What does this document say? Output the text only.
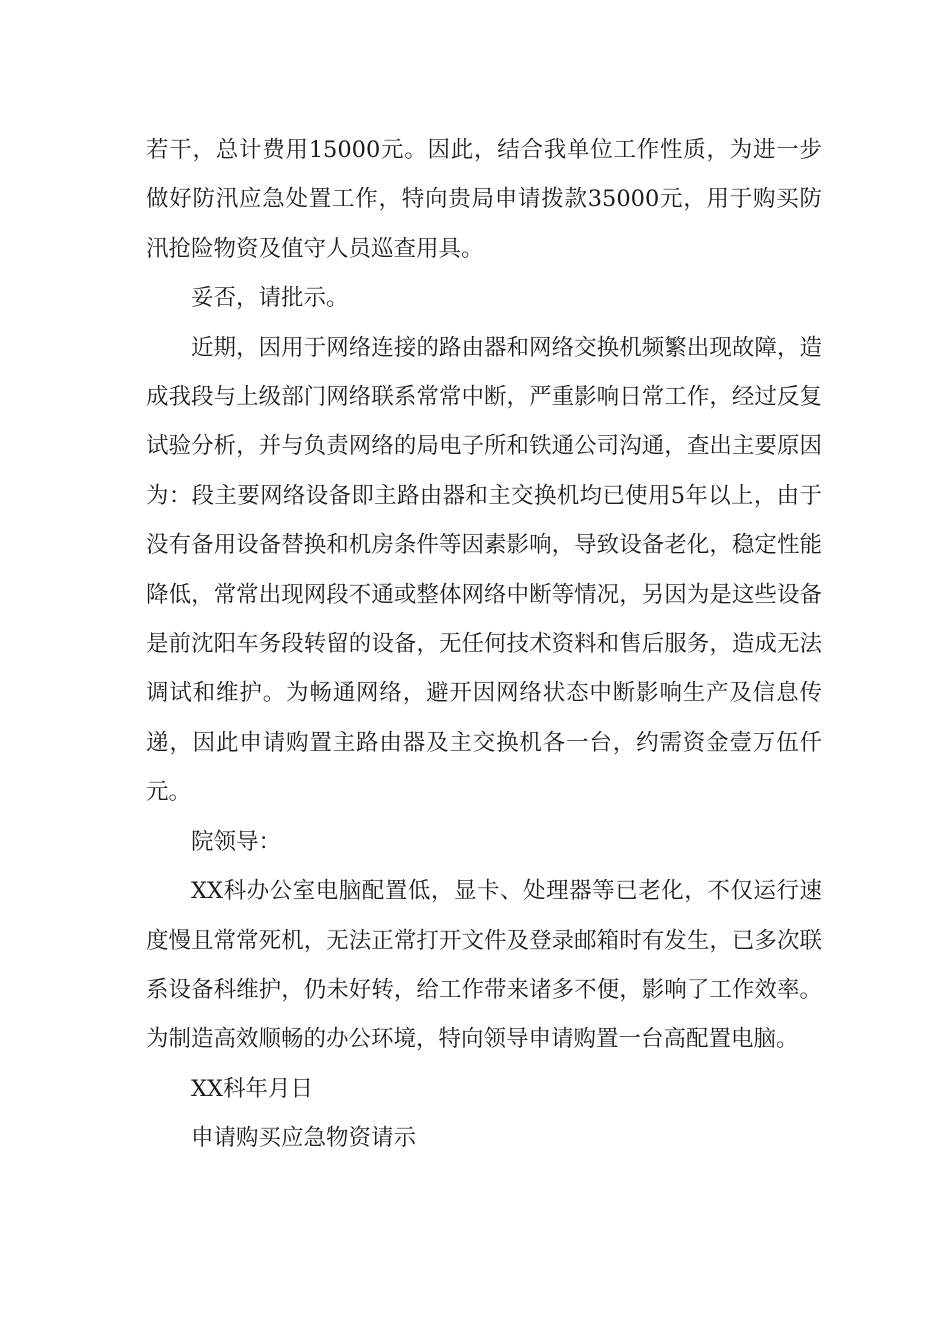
若干，总计费用15000元。因此，结合我单位工作性质，为进一步做好防汛应急处置工作，特向贵局申请拨款35000元，用于购买防汛抢险物资及值守人员巡查用具。

妥否，请批示。

近期，因用于网络连接的路由器和网络交换机频繁出现故障，造成我段与上级部门网络联系常常中断，严重影响日常工作，经过反复试验分析，并与负责网络的局电子所和铁通公司沟通，查出主要原因为：段主要网络设备即主路由器和主交换机均已使用5年以上，由于没有备用设备替换和机房条件等因素影响，导致设备老化，稳定性能降低，常常出现网段不通或整体网络中断等情况，另因为是这些设备是前沈阳车务段转留的设备，无任何技术资料和售后服务，造成无法调试和维护。为畅通网络，避开因网络状态中断影响生产及信息传递，因此申请购置主路由器及主交换机各一台，约需资金壹万伍仟元。

院领导：

XX科办公室电脑配置低，显卡、处理器等已老化，不仅运行速度慢且常常死机，无法正常打开文件及登录邮箱时有发生，已多次联系设备科维护，仍未好转，给工作带来诸多不便，影响了工作效率。为制造高效顺畅的办公环境，特向领导申请购置一台高配置电脑。

XX科年月日

申请购买应急物资请示
